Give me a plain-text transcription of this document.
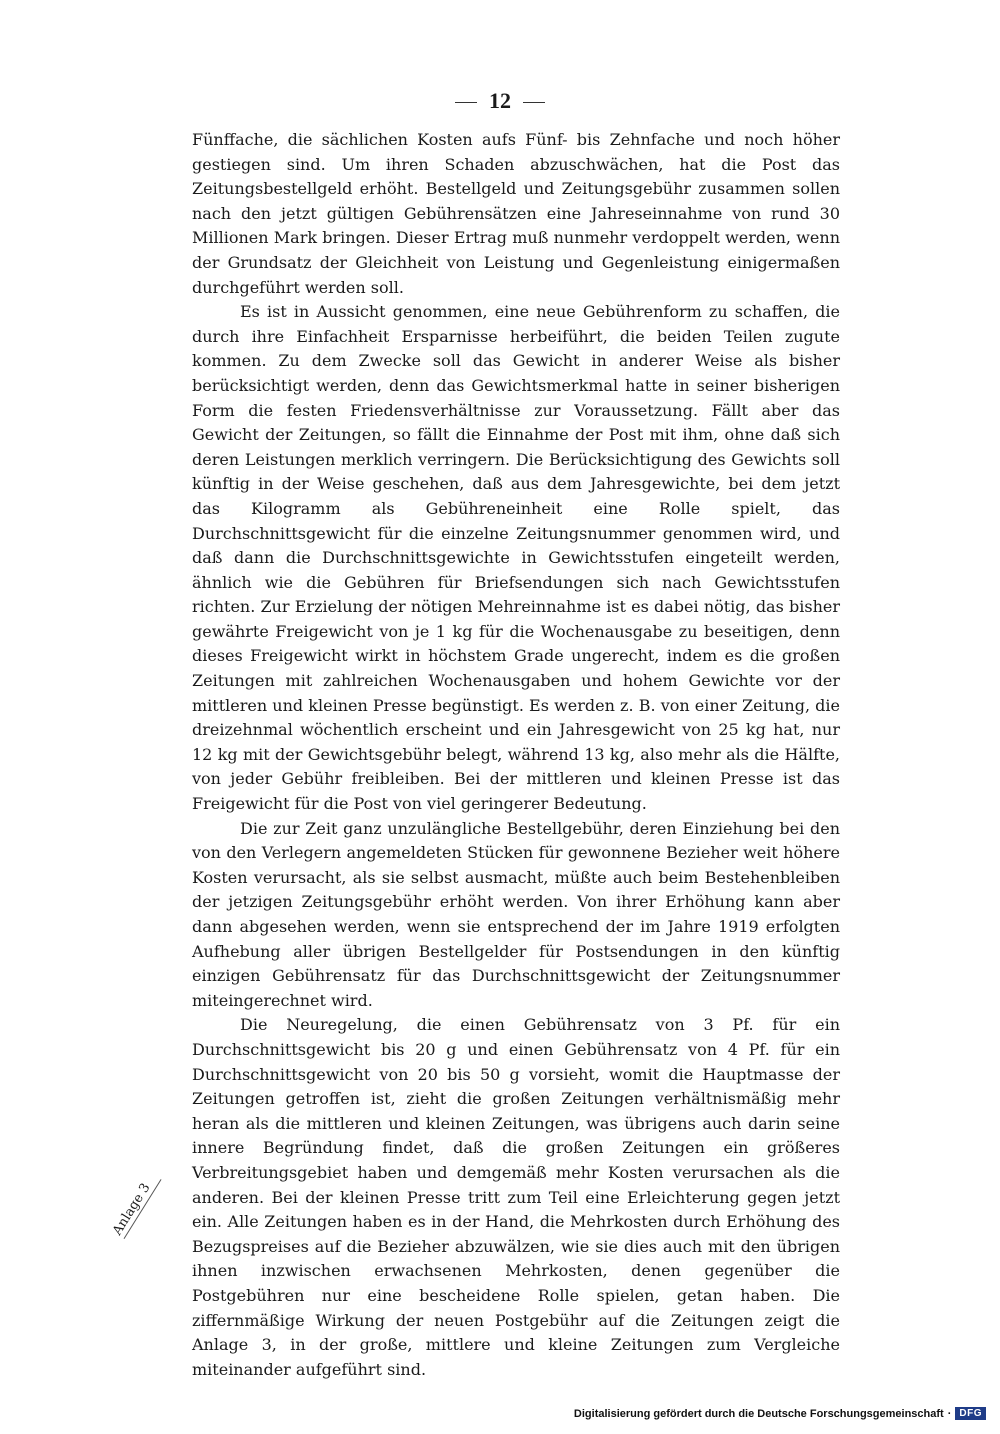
12

Fünffache, die sächlichen Kosten aufs Fünf- bis Zehnfache und noch höher gestiegen sind. Um ihren Schaden abzuschwächen, hat die Post das Zeitungsbestellgeld erhöht. Bestellgeld und Zeitungsgebühr zusammen sollen nach den jetzt gültigen Gebührensätzen eine Jahreseinnahme von rund 30 Millionen Mark bringen. Dieser Ertrag muß nunmehr verdoppelt werden, wenn der Grundsatz der Gleichheit von Leistung und Gegenleistung einigermaßen durchgeführt werden soll.

Es ist in Aussicht genommen, eine neue Gebührenform zu schaffen, die durch ihre Einfachheit Ersparnisse herbeiführt, die beiden Teilen zugute kommen. Zu dem Zwecke soll das Gewicht in anderer Weise als bisher berücksichtigt werden, denn das Gewichtsmerkmal hatte in seiner bisherigen Form die festen Friedensverhältnisse zur Voraussetzung. Fällt aber das Gewicht der Zeitungen, so fällt die Einnahme der Post mit ihm, ohne daß sich deren Leistungen merklich verringern. Die Berücksichtigung des Gewichts soll künftig in der Weise geschehen, daß aus dem Jahresgewichte, bei dem jetzt das Kilogramm als Gebühreneinheit eine Rolle spielt, das Durchschnittsgewicht für die einzelne Zeitungsnummer genommen wird, und daß dann die Durchschnittsgewichte in Gewichtsstufen eingeteilt werden, ähnlich wie die Gebühren für Briefsendungen sich nach Gewichtsstufen richten. Zur Erzielung der nötigen Mehreinnahme ist es dabei nötig, das bisher gewährte Freigewicht von je 1 kg für die Wochenausgabe zu beseitigen, denn dieses Freigewicht wirkt in höchstem Grade ungerecht, indem es die großen Zeitungen mit zahlreichen Wochenausgaben und hohem Gewichte vor der mittleren und kleinen Presse begünstigt. Es werden z. B. von einer Zeitung, die dreizehnmal wöchentlich erscheint und ein Jahresgewicht von 25 kg hat, nur 12 kg mit der Gewichtsgebühr belegt, während 13 kg, also mehr als die Hälfte, von jeder Gebühr freibleiben. Bei der mittleren und kleinen Presse ist das Freigewicht für die Post von viel geringerer Bedeutung.

Die zur Zeit ganz unzulängliche Bestellgebühr, deren Einziehung bei den von den Verlegern angemeldeten Stücken für gewonnene Bezieher weit höhere Kosten verursacht, als sie selbst ausmacht, müßte auch beim Bestehenbleiben der jetzigen Zeitungsgebühr erhöht werden. Von ihrer Erhöhung kann aber dann abgesehen werden, wenn sie entsprechend der im Jahre 1919 erfolgten Aufhebung aller übrigen Bestellgelder für Postsendungen in den künftig einzigen Gebührensatz für das Durchschnittsgewicht der Zeitungsnummer miteingerechnet wird.

Die Neuregelung, die einen Gebührensatz von 3 Pf. für ein Durchschnittsgewicht bis 20 g und einen Gebührensatz von 4 Pf. für ein Durchschnittsgewicht von 20 bis 50 g vorsieht, womit die Hauptmasse der Zeitungen getroffen ist, zieht die großen Zeitungen verhältnismäßig mehr heran als die mittleren und kleinen Zeitungen, was übrigens auch darin seine innere Begründung findet, daß die großen Zeitungen ein größeres Verbreitungsgebiet haben und demgemäß mehr Kosten verursachen als die anderen. Bei der kleinen Presse tritt zum Teil eine Erleichterung gegen jetzt ein. Alle Zeitungen haben es in der Hand, die Mehrkosten durch Erhöhung des Bezugspreises auf die Bezieher abzuwälzen, wie sie dies auch mit den übrigen ihnen inzwischen erwachsenen Mehrkosten, denen gegenüber die Postgebühren nur eine bescheidene Rolle spielen, getan haben. Die ziffernmäßige Wirkung der neuen Postgebühr auf die Zeitungen zeigt die Anlage 3, in der große, mittlere und kleine Zeitungen zum Vergleiche miteinander aufgeführt sind.

Anlage 3
Digitalisierung gefördert durch die Deutsche Forschungsgemeinschaft · DFG
